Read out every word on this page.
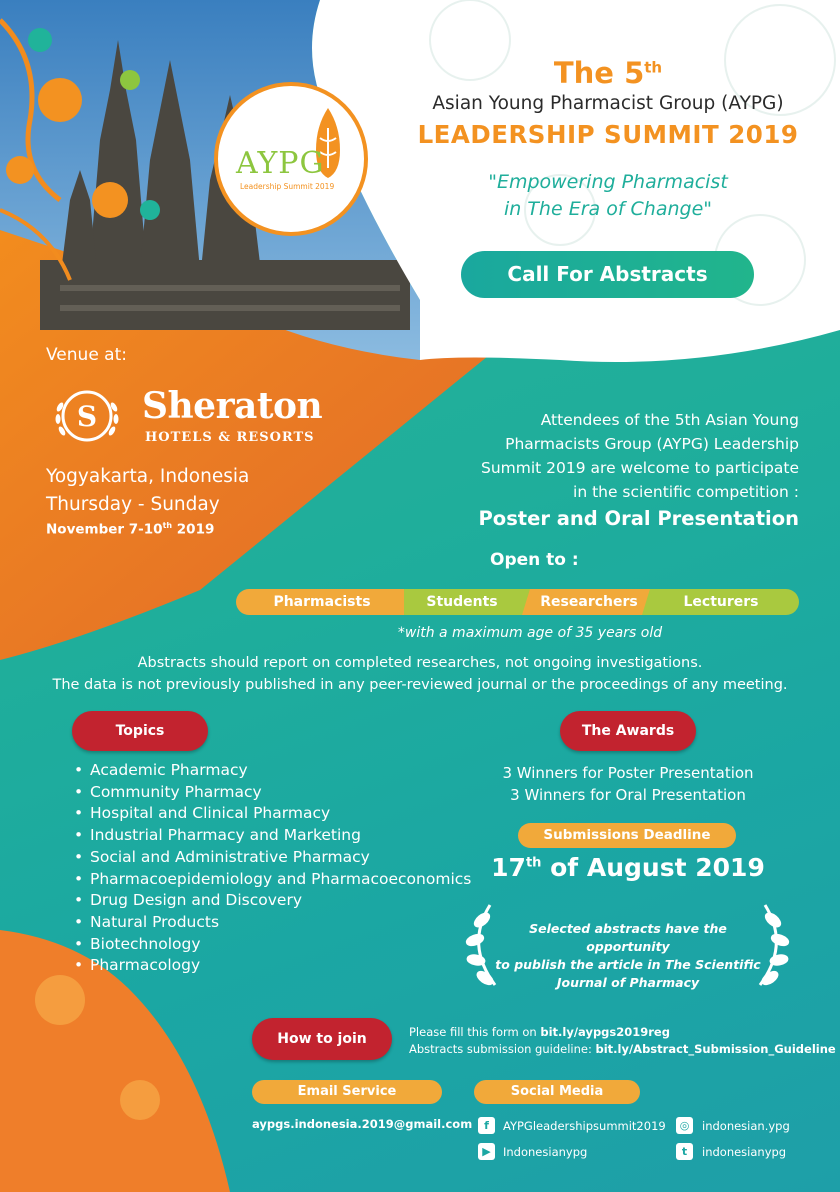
AYPG
Leadership Summit 2019
The 5th
Asian Young Pharmacist Group (AYPG)
LEADERSHIP SUMMIT 2019
"Empowering Pharmacist
in The Era of Change"
Call For Abstracts
Venue at:
S Sheraton
HOTELS & RESORTS
Yogyakarta, Indonesia
Thursday - Sunday
November 7-10th 2019
Attendees of the 5th Asian Young
Pharmacists Group (AYPG) Leadership
Summit 2019 are welcome to participate
in the scientific competition :
Poster and Oral Presentation
Open to :
Pharmacists	Students	Researchers	Lecturers
*with a maximum age of 35 years old
Abstracts should report on completed researches, not ongoing investigations.
The data is not previously published in any peer-reviewed journal or the proceedings of any meeting.
Topics
• Academic Pharmacy
• Community Pharmacy
• Hospital and Clinical Pharmacy
• Industrial Pharmacy and Marketing
• Social and Administrative Pharmacy
• Pharmacoepidemiology and Pharmacoeconomics
• Drug Design and Discovery
• Natural Products
• Biotechnology
• Pharmacology
The Awards
3 Winners for Poster Presentation
3 Winners for Oral Presentation
Submissions Deadline
17th of August 2019
Selected abstracts have the opportunity
to publish the article in The Scientific
Journal of Pharmacy
How to join	Please fill this form on bit.ly/aypgs2019reg
Abstracts submission guideline: bit.ly/Abstract_Submission_Guideline
Email Service
aypgs.indonesia.2019@gmail.com
Social Media
f	AYPGleadershipsummit2019	◎	indonesian.ypg
▶	Indonesianypg	t	indonesianypg
